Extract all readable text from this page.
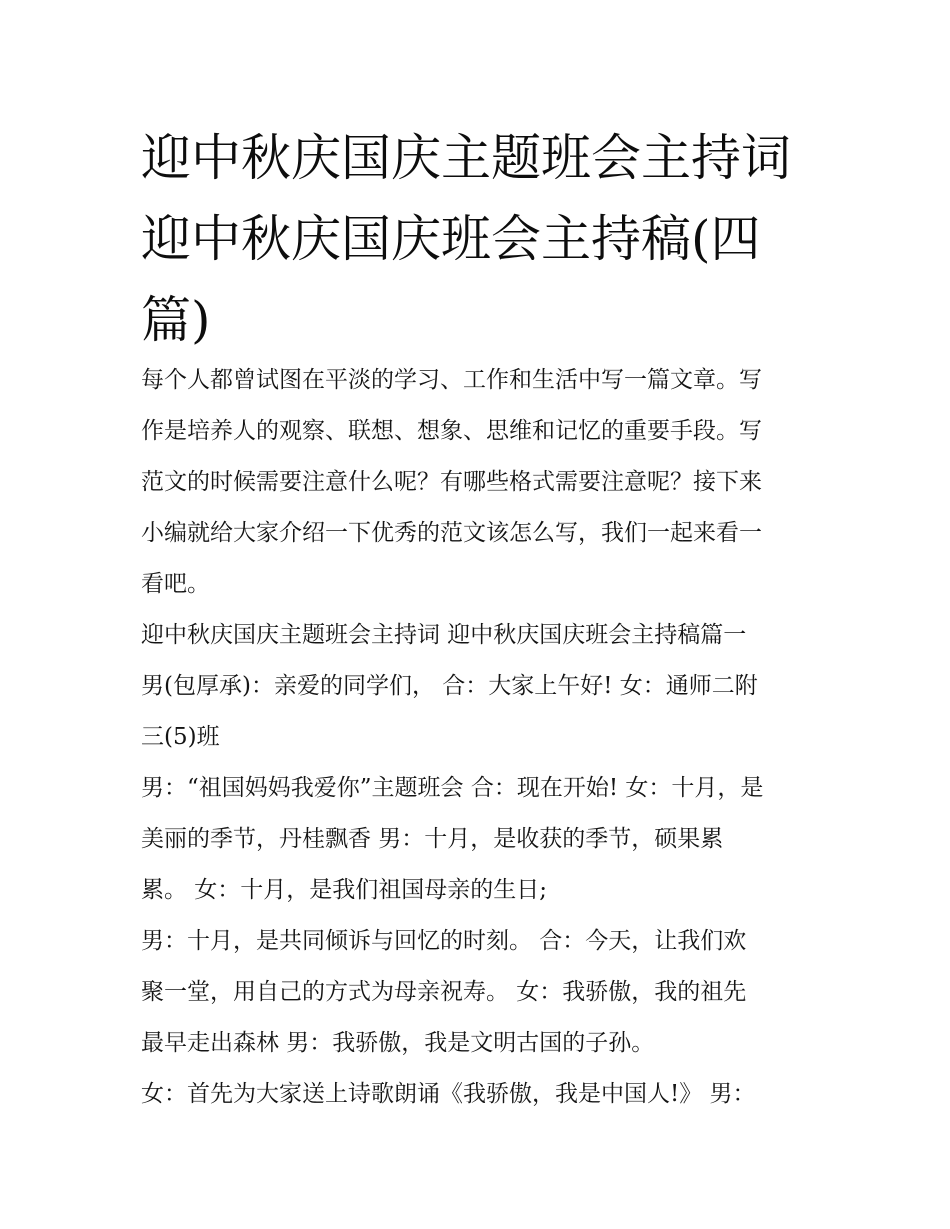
迎中秋庆国庆主题班会主持词
迎中秋庆国庆班会主持稿(四
篇)

每个人都曾试图在平淡的学习、工作和生活中写一篇文章。写
作是培养人的观察、联想、想象、思维和记忆的重要手段。写
范文的时候需要注意什么呢？有哪些格式需要注意呢？接下来
小编就给大家介绍一下优秀的范文该怎么写，我们一起来看一
看吧。

迎中秋庆国庆主题班会主持词 迎中秋庆国庆班会主持稿篇一
男(包厚承)：亲爱的同学们， 合：大家上午好! 女：通师二附
三(5)班

男：“祖国妈妈我爱你”主题班会 合：现在开始! 女：十月，是
美丽的季节，丹桂飘香 男：十月，是收获的季节，硕果累
累。 女：十月，是我们祖国母亲的生日;

男：十月，是共同倾诉与回忆的时刻。 合：今天，让我们欢
聚一堂，用自己的方式为母亲祝寿。 女：我骄傲，我的祖先
最早走出森林 男：我骄傲，我是文明古国的子孙。

女：首先为大家送上诗歌朗诵《我骄傲，我是中国人!》 男：
